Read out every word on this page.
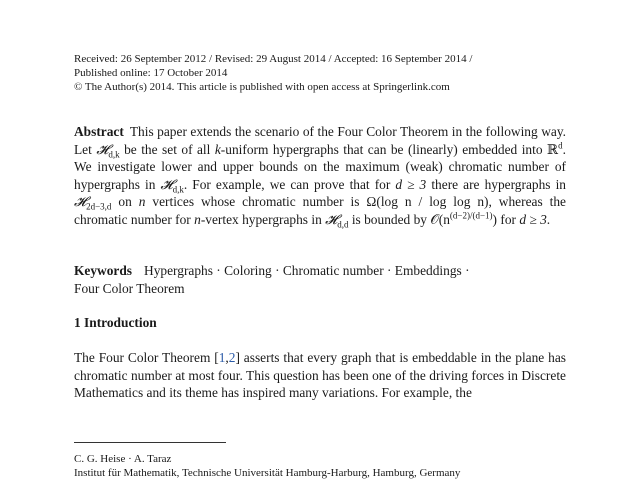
Received: 26 September 2012 / Revised: 29 August 2014 / Accepted: 16 September 2014 /
Published online: 17 October 2014
© The Author(s) 2014. This article is published with open access at Springerlink.com
Abstract This paper extends the scenario of the Four Color Theorem in the following way. Let 𝓗$_{d,k}$ be the set of all k-uniform hypergraphs that can be (linearly) embedded into ℝ$^d$. We investigate lower and upper bounds on the maximum (weak) chromatic number of hypergraphs in 𝓗$_{d,k}$. For example, we can prove that for d ≥ 3 there are hypergraphs in 𝓗$_{2d-3,d}$ on n vertices whose chromatic number is Ω(log n / log log n), whereas the chromatic number for n-vertex hypergraphs in 𝓗$_{d,d}$ is bounded by $𝒪(n^{(d-2)/(d-1)})$ for d ≥ 3.
Keywords Hypergraphs · Coloring · Chromatic number · Embeddings ·
Four Color Theorem
1 Introduction
The Four Color Theorem [1,2] asserts that every graph that is embeddable in the plane has chromatic number at most four. This question has been one of the driving forces in Discrete Mathematics and its theme has inspired many variations. For example, the
C. G. Heise · A. Taraz
Institut für Mathematik, Technische Universität Hamburg-Harburg, Hamburg, Germany
